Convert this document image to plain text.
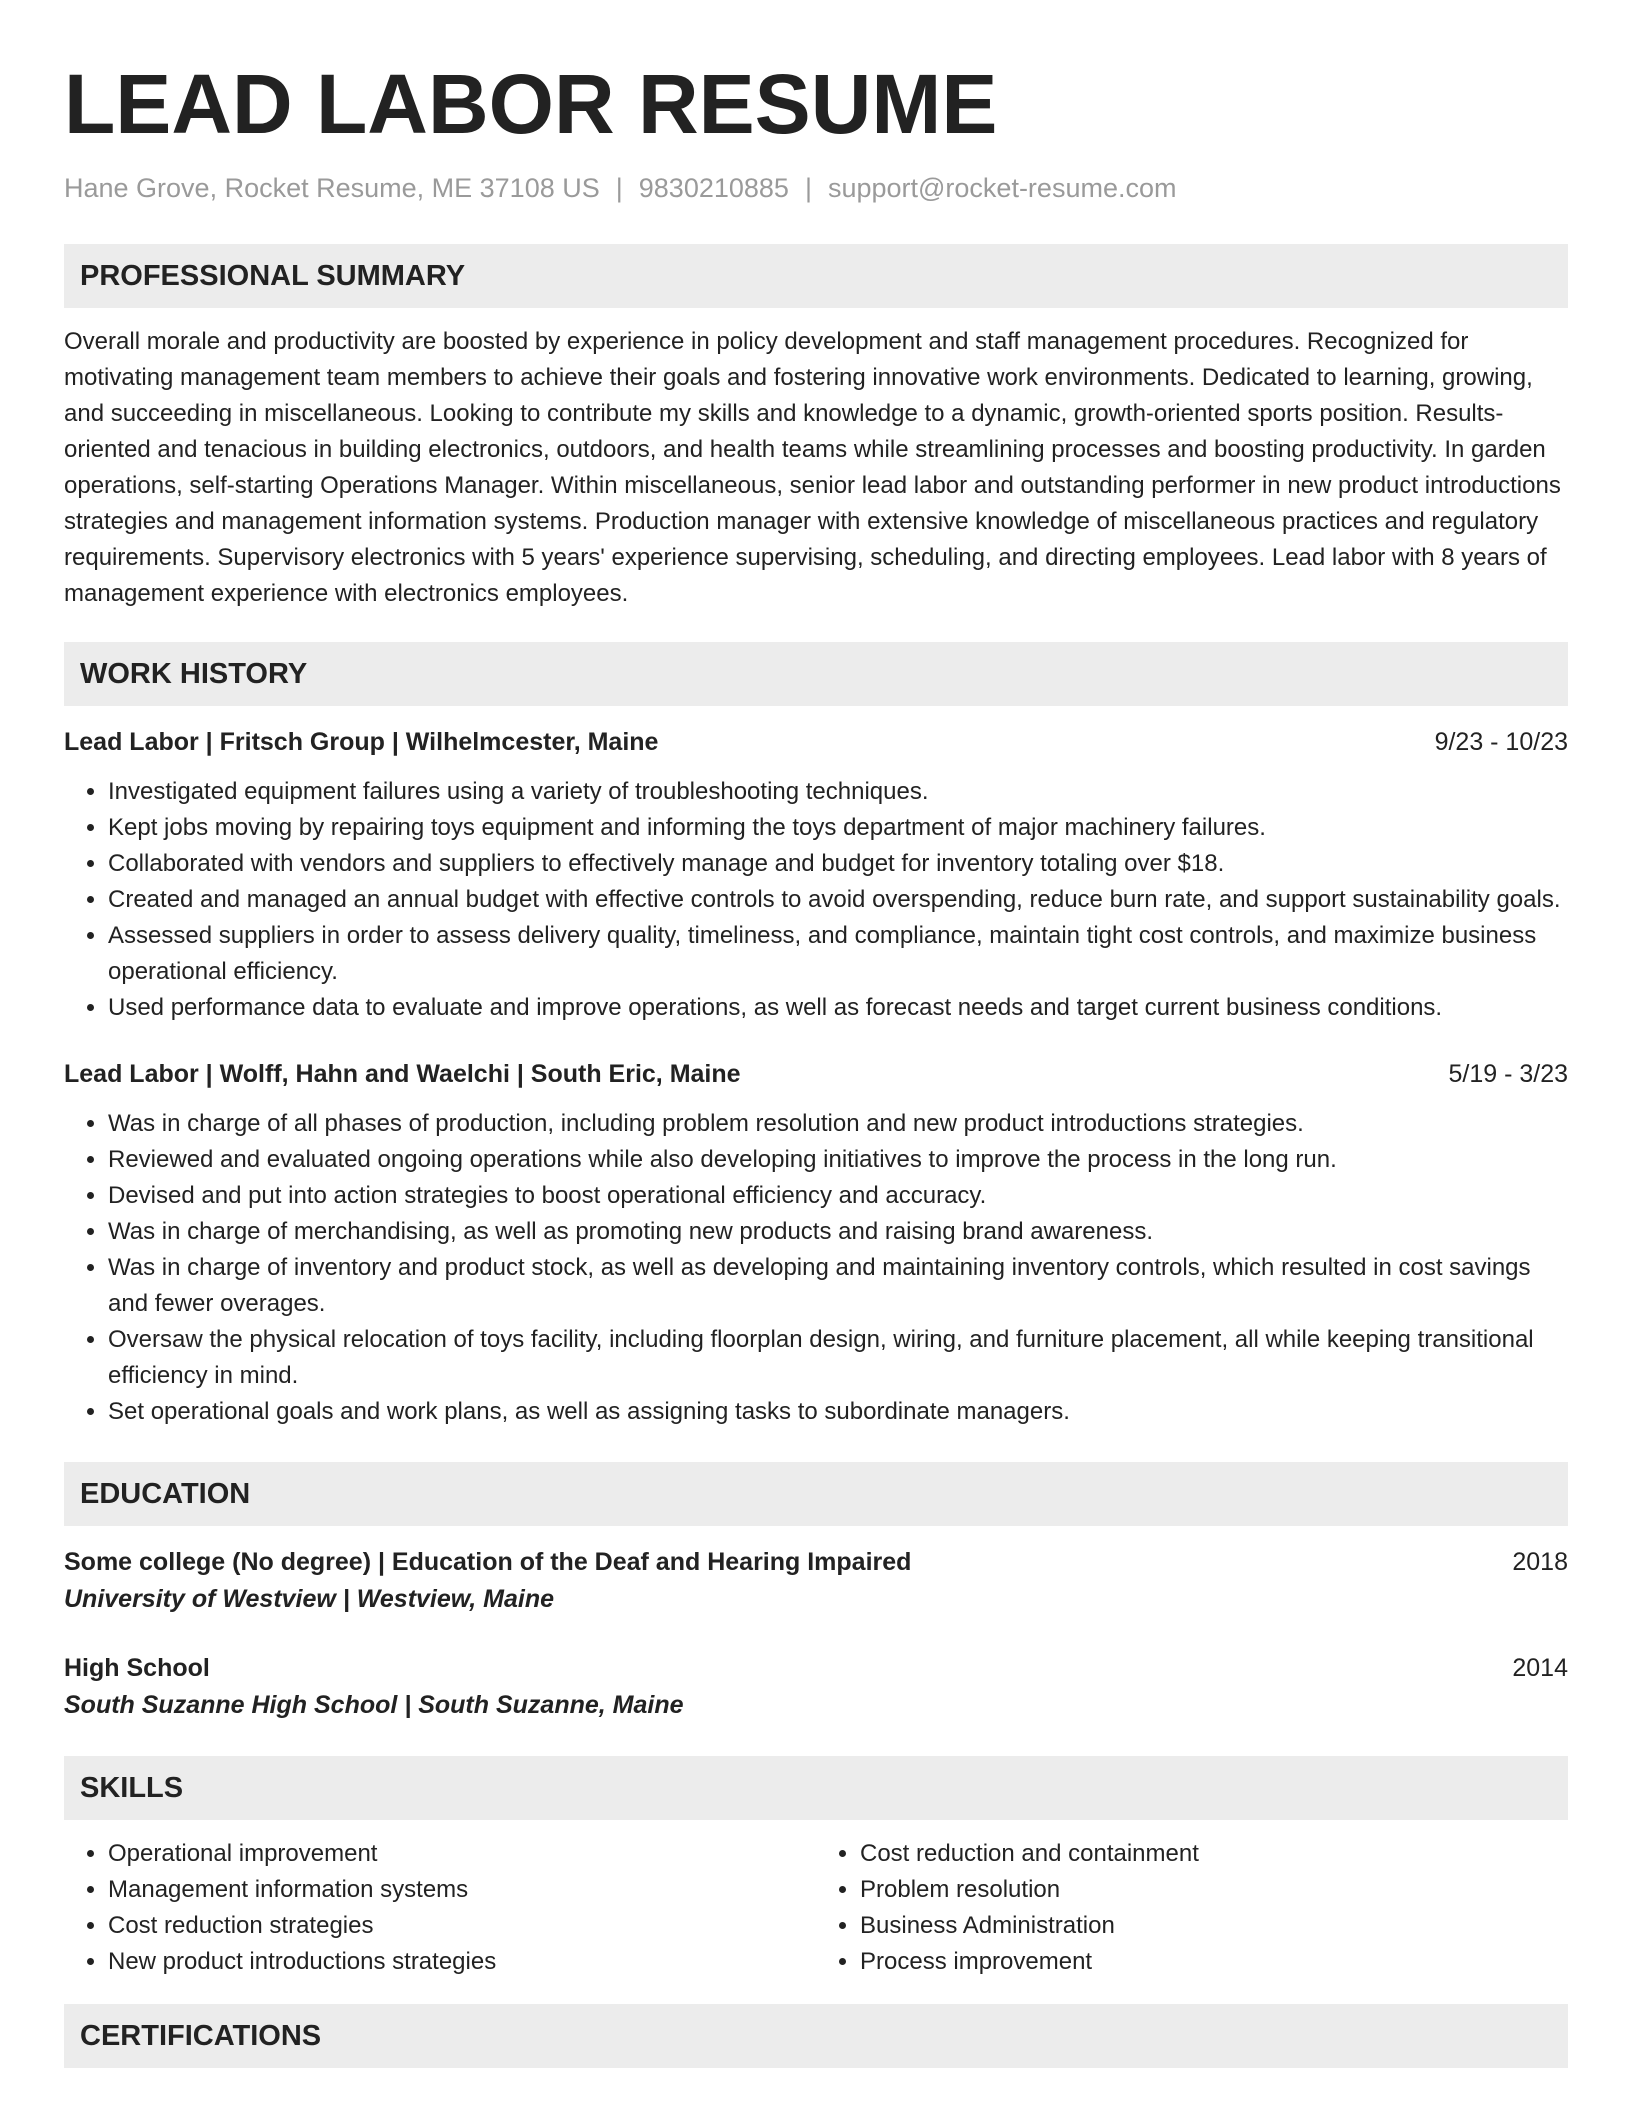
LEAD LABOR RESUME
Hane Grove, Rocket Resume, ME 37108 US | 9830210885 | support@rocket-resume.com
PROFESSIONAL SUMMARY
Overall morale and productivity are boosted by experience in policy development and staff management procedures. Recognized for motivating management team members to achieve their goals and fostering innovative work environments. Dedicated to learning, growing, and succeeding in miscellaneous. Looking to contribute my skills and knowledge to a dynamic, growth-oriented sports position. Results-oriented and tenacious in building electronics, outdoors, and health teams while streamlining processes and boosting productivity. In garden operations, self-starting Operations Manager. Within miscellaneous, senior lead labor and outstanding performer in new product introductions strategies and management information systems. Production manager with extensive knowledge of miscellaneous practices and regulatory requirements. Supervisory electronics with 5 years' experience supervising, scheduling, and directing employees. Lead labor with 8 years of management experience with electronics employees.
WORK HISTORY
Lead Labor | Fritsch Group | Wilhelmcester, Maine	9/23 - 10/23
• Investigated equipment failures using a variety of troubleshooting techniques.
• Kept jobs moving by repairing toys equipment and informing the toys department of major machinery failures.
• Collaborated with vendors and suppliers to effectively manage and budget for inventory totaling over $18.
• Created and managed an annual budget with effective controls to avoid overspending, reduce burn rate, and support sustainability goals.
• Assessed suppliers in order to assess delivery quality, timeliness, and compliance, maintain tight cost controls, and maximize business operational efficiency.
• Used performance data to evaluate and improve operations, as well as forecast needs and target current business conditions.
Lead Labor | Wolff, Hahn and Waelchi | South Eric, Maine	5/19 - 3/23
• Was in charge of all phases of production, including problem resolution and new product introductions strategies.
• Reviewed and evaluated ongoing operations while also developing initiatives to improve the process in the long run.
• Devised and put into action strategies to boost operational efficiency and accuracy.
• Was in charge of merchandising, as well as promoting new products and raising brand awareness.
• Was in charge of inventory and product stock, as well as developing and maintaining inventory controls, which resulted in cost savings and fewer overages.
• Oversaw the physical relocation of toys facility, including floorplan design, wiring, and furniture placement, all while keeping transitional efficiency in mind.
• Set operational goals and work plans, as well as assigning tasks to subordinate managers.
EDUCATION
Some college (No degree) | Education of the Deaf and Hearing Impaired	2018
University of Westview | Westview, Maine
High School	2014
South Suzanne High School | South Suzanne, Maine
SKILLS
• Operational improvement
• Management information systems
• Cost reduction strategies
• New product introductions strategies
• Cost reduction and containment
• Problem resolution
• Business Administration
• Process improvement
CERTIFICATIONS
